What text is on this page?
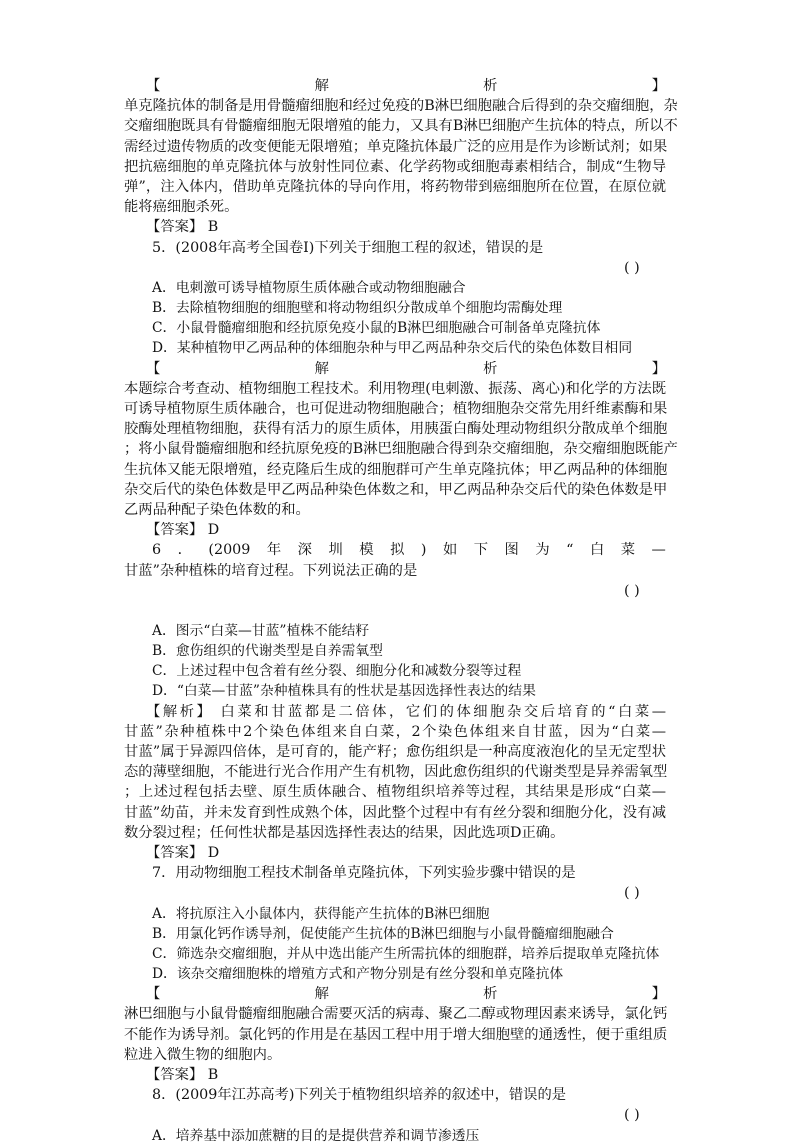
【	解	析	】
单克隆抗体的制备是用骨髓瘤细胞和经过免疫的B淋巴细胞融合后得到的杂交瘤细胞，杂
交瘤细胞既具有骨髓瘤细胞无限增殖的能力，又具有B淋巴细胞产生抗体的特点，所以不
需经过遗传物质的改变便能无限增殖；单克隆抗体最广泛的应用是作为诊断试剂；如果
把抗癌细胞的单克隆抗体与放射性同位素、化学药物或细胞毒素相结合，制成“生物导
弹”，注入体内，借助单克隆抗体的导向作用，将药物带到癌细胞所在位置，在原位就
能将癌细胞杀死。
【答案】 B
5．(2008年高考全国卷Ⅰ)下列关于细胞工程的叙述，错误的是
( )
A．电刺激可诱导植物原生质体融合或动物细胞融合
B．去除植物细胞的细胞壁和将动物组织分散成单个细胞均需酶处理
C．小鼠骨髓瘤细胞和经抗原免疫小鼠的B淋巴细胞融合可制备单克隆抗体
D．某种植物甲乙两品种的体细胞杂种与甲乙两品种杂交后代的染色体数目相同
【	解	析	】
本题综合考查动、植物细胞工程技术。利用物理(电刺激、振荡、离心)和化学的方法既
可诱导植物原生质体融合，也可促进动物细胞融合；植物细胞杂交常先用纤维素酶和果
胶酶处理植物细胞，获得有活力的原生质体，用胰蛋白酶处理动物组织分散成单个细胞
；将小鼠骨髓瘤细胞和经抗原免疫的B淋巴细胞融合得到杂交瘤细胞，杂交瘤细胞既能产
生抗体又能无限增殖，经克隆后生成的细胞群可产生单克隆抗体；甲乙两品种的体细胞
杂交后代的染色体数是甲乙两品种染色体数之和，甲乙两品种杂交后代的染色体数是甲
乙两品种配子染色体数的和。
【答案】 D
6 ． (2009 年 深 圳 模 拟 ) 如 下 图 为 “ 白 菜 —
甘蓝”杂种植株的培育过程。下列说法正确的是
( )
A．图示“白菜—甘蓝”植株不能结籽
B．愈伤组织的代谢类型是自养需氧型
C．上述过程中包含着有丝分裂、细胞分化和减数分裂等过程
D．“白菜—甘蓝”杂种植株具有的性状是基因选择性表达的结果
【解析】 白菜和甘蓝都是二倍体，它们的体细胞杂交后培育的“白菜—
甘蓝”杂种植株中2个染色体组来自白菜，2个染色体组来自甘蓝，因为“白菜—
甘蓝”属于异源四倍体，是可育的，能产籽；愈伤组织是一种高度液泡化的呈无定型状
态的薄壁细胞，不能进行光合作用产生有机物，因此愈伤组织的代谢类型是异养需氧型
；上述过程包括去壁、原生质体融合、植物组织培养等过程，其结果是形成“白菜—
甘蓝”幼苗，并未发育到性成熟个体，因此整个过程中有有丝分裂和细胞分化，没有减
数分裂过程；任何性状都是基因选择性表达的结果，因此选项D正确。
【答案】 D
7．用动物细胞工程技术制备单克隆抗体，下列实验步骤中错误的是
( )
A．将抗原注入小鼠体内，获得能产生抗体的B淋巴细胞
B．用氯化钙作诱导剂，促使能产生抗体的B淋巴细胞与小鼠骨髓瘤细胞融合
C．筛选杂交瘤细胞，并从中选出能产生所需抗体的细胞群，培养后提取单克隆抗体
D．该杂交瘤细胞株的增殖方式和产物分别是有丝分裂和单克隆抗体
【	解	析	】
淋巴细胞与小鼠骨髓瘤细胞融合需要灭活的病毒、聚乙二醇或物理因素来诱导，氯化钙
不能作为诱导剂。氯化钙的作用是在基因工程中用于增大细胞壁的通透性，便于重组质
粒进入微生物的细胞内。
【答案】 B
8．(2009年江苏高考)下列关于植物组织培养的叙述中，错误的是
( )
A．培养基中添加蔗糖的目的是提供营养和调节渗透压
